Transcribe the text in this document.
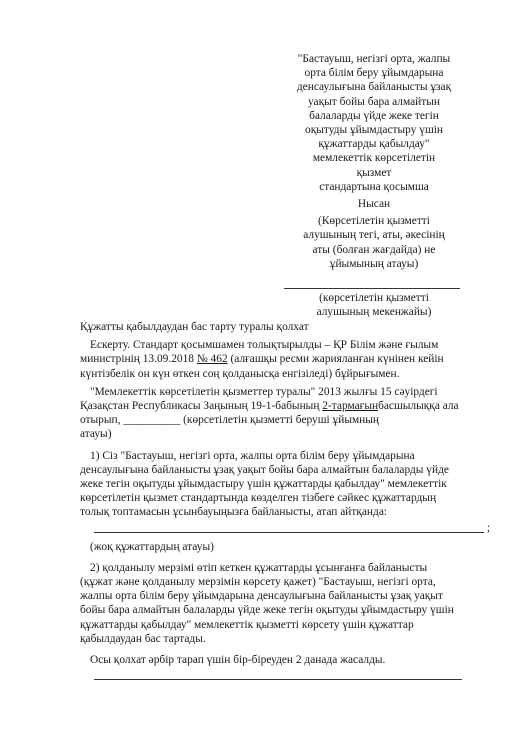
"Бастауыш, негізгі орта, жалпы
орта білім беру ұйымдарына
денсаулығына байланысты ұзақ
уақыт бойы бара алмайтын
балаларды үйде жеке тегін
оқытуды ұйымдастыру үшін
құжаттарды қабылдау"
мемлекеттік көрсетілетін
қызмет
стандартына қосымша
Нысан
(Көрсетілетін қызметті
алушының тегі, аты, әкесінің
аты (болған жағдайда) не
ұйымының атауы)
(көрсетілетін қызметті
алушының мекенжайы)

Құжатты қабылдаудан бас тарту туралы қолхат

Ескерту. Стандарт қосымшамен толықтырылды – ҚР Білім және ғылым

министрінің 13.09.2018 № 462 (алғашқы ресми жарияланған күнінен кейін

күнтізбелік он күн өткен соң қолданысқа енгізіледі) бұйрығымен.

"Мемлекеттік көрсетілетін қызметтер туралы" 2013 жылғы 15 сәуірдегі

Қазақстан Республикасы Заңының 19-1-бабының 2-тармағынбасшылыққа ала

отырып, __________ (көрсетілетін қызметті беруші ұйымның

атауы)

1) Сіз "Бастауыш, негізгі орта, жалпы орта білім беру ұйымдарына

денсаулығына байланысты ұзақ уақыт бойы бара алмайтын балаларды үйде

жеке тегін оқытуды ұйымдастыру үшін құжаттарды қабылдау" мемлекеттік

көрсетілетін қызмет стандартында көзделген тізбеге сәйкес құжаттардың

толық топтамасын ұсынбауыңызға байланысты, атап айтқанда:

;

(жоқ құжаттардың атауы)

2) қолданылу мерзімі өтіп кеткен құжаттарды ұсынғанға байланысты

(құжат және қолданылу мерзімін көрсету қажет) "Бастауыш, негізгі орта,

жалпы орта білім беру ұйымдарына денсаулығына байланысты ұзақ уақыт

бойы бара алмайтын балаларды үйде жеке тегін оқытуды ұйымдастыру үшін

құжаттарды қабылдау" мемлекеттік қызметті көрсету үшін құжаттар

қабылдаудан бас тартады.

Осы қолхат әрбір тарап үшін бір-біреуден 2 данада жасалды.
